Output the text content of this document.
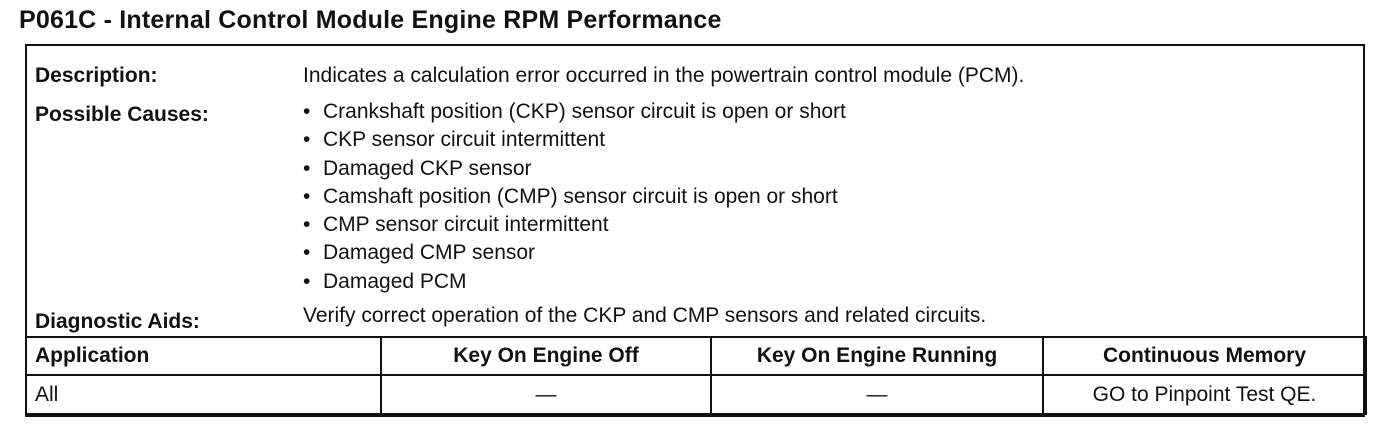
P061C - Internal Control Module Engine RPM Performance
Description:	Indicates a calculation error occurred in the powertrain control module (PCM).
Possible Causes:	• Crankshaft position (CKP) sensor circuit is open or short
• CKP sensor circuit intermittent
• Damaged CKP sensor
• Camshaft position (CMP) sensor circuit is open or short
• CMP sensor circuit intermittent
• Damaged CMP sensor
• Damaged PCM
Diagnostic Aids:	Verify correct operation of the CKP and CMP sensors and related circuits.
Application	Key On Engine Off	Key On Engine Running	Continuous Memory
All	—	—	GO to Pinpoint Test QE.
